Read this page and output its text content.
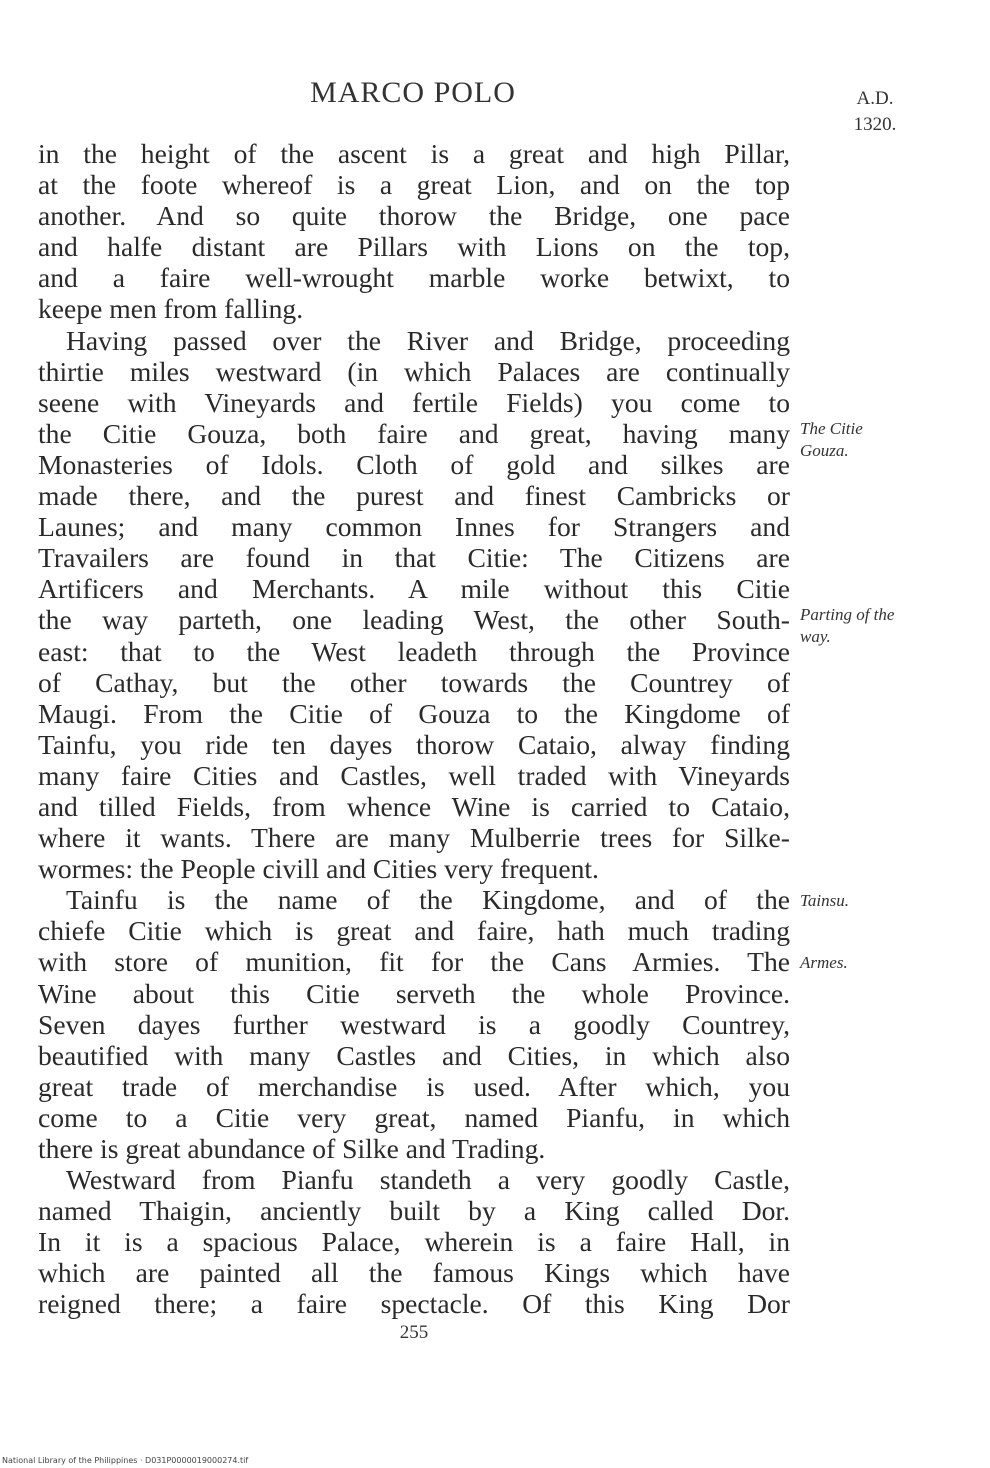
MARCO POLO	A.D.
1320.
in the height of the ascent is a great and high Pillar,
at the foote whereof is a great Lion, and on the top
another. And so quite thorow the Bridge, one pace
and halfe distant are Pillars with Lions on the top,
and a faire well-wrought marble worke betwixt, to
keepe men from falling.
Having passed over the River and Bridge, proceeding
thirtie miles westward (in which Palaces are continually
seene with Vineyards and fertile Fields) you come to
the Citie Gouza, both faire and great, having many
Monasteries of Idols. Cloth of gold and silkes are
made there, and the purest and finest Cambricks or
Launes; and many common Innes for Strangers and
Travailers are found in that Citie: The Citizens are
Artificers and Merchants. A mile without this Citie
the way parteth, one leading West, the other South-
east: that to the West leadeth through the Province
of Cathay, but the other towards the Countrey of
Maugi. From the Citie of Gouza to the Kingdome of
Tainfu, you ride ten dayes thorow Cataio, alway finding
many faire Cities and Castles, well traded with Vineyards
and tilled Fields, from whence Wine is carried to Cataio,
where it wants. There are many Mulberrie trees for Silke-
wormes: the People civill and Cities very frequent.
Tainfu is the name of the Kingdome, and of the
chiefe Citie which is great and faire, hath much trading
with store of munition, fit for the Cans Armies. The
Wine about this Citie serveth the whole Province.
Seven dayes further westward is a goodly Countrey,
beautified with many Castles and Cities, in which also
great trade of merchandise is used. After which, you
come to a Citie very great, named Pianfu, in which
there is great abundance of Silke and Trading.
Westward from Pianfu standeth a very goodly Castle,
named Thaigin, anciently built by a King called Dor.
In it is a spacious Palace, wherein is a faire Hall, in
which are painted all the famous Kings which have
reigned there; a faire spectacle. Of this King Dor
The Citie
Gouza.
Parting of the
way.
Tainsu.
Armes.
255
National Library of the Philippines · D031P0000019000274.tif
